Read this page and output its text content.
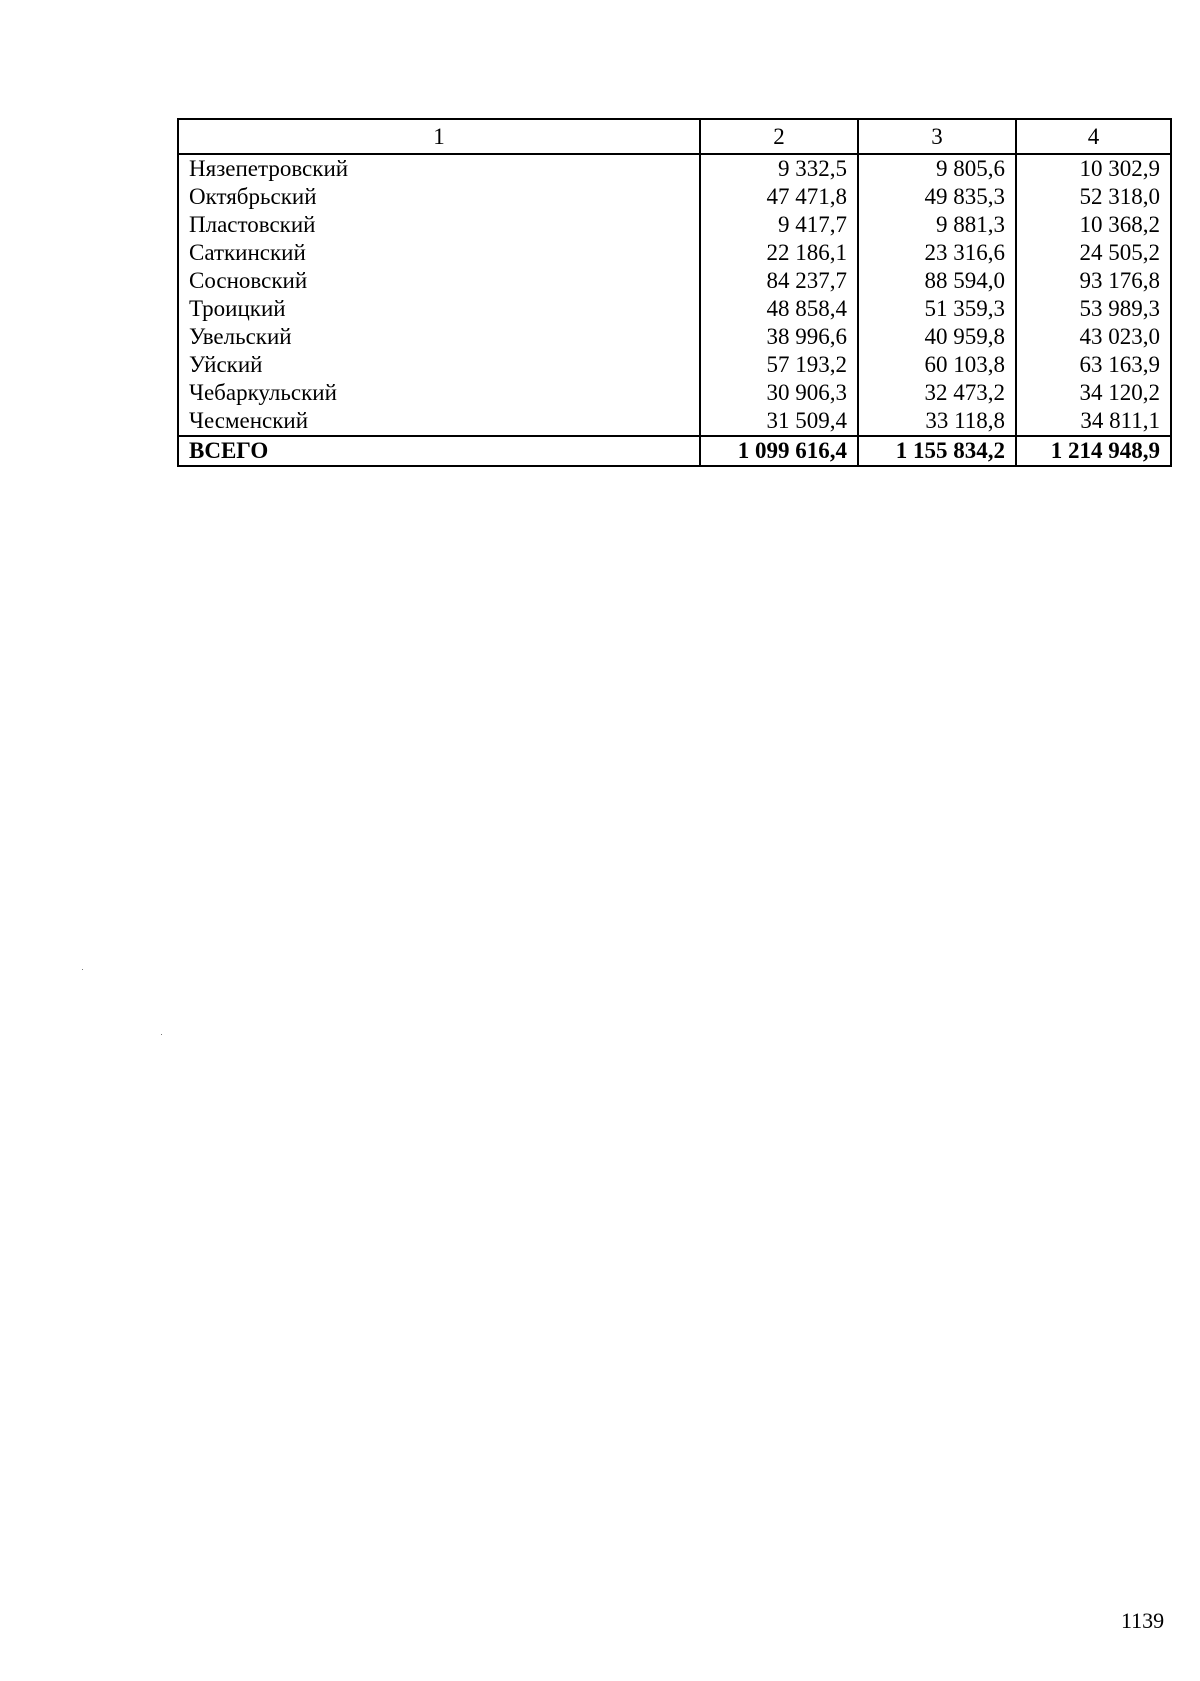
1	2	3	4
Нязепетровский	9 332,5	9 805,6	10 302,9
Октябрьский	47 471,8	49 835,3	52 318,0
Пластовский	9 417,7	9 881,3	10 368,2
Саткинский	22 186,1	23 316,6	24 505,2
Сосновский	84 237,7	88 594,0	93 176,8
Троицкий	48 858,4	51 359,3	53 989,3
Увельский	38 996,6	40 959,8	43 023,0
Уйский	57 193,2	60 103,8	63 163,9
Чебаркульский	30 906,3	32 473,2	34 120,2
Чесменский	31 509,4	33 118,8	34 811,1
ВСЕГО	1 099 616,4	1 155 834,2	1 214 948,9
1139
